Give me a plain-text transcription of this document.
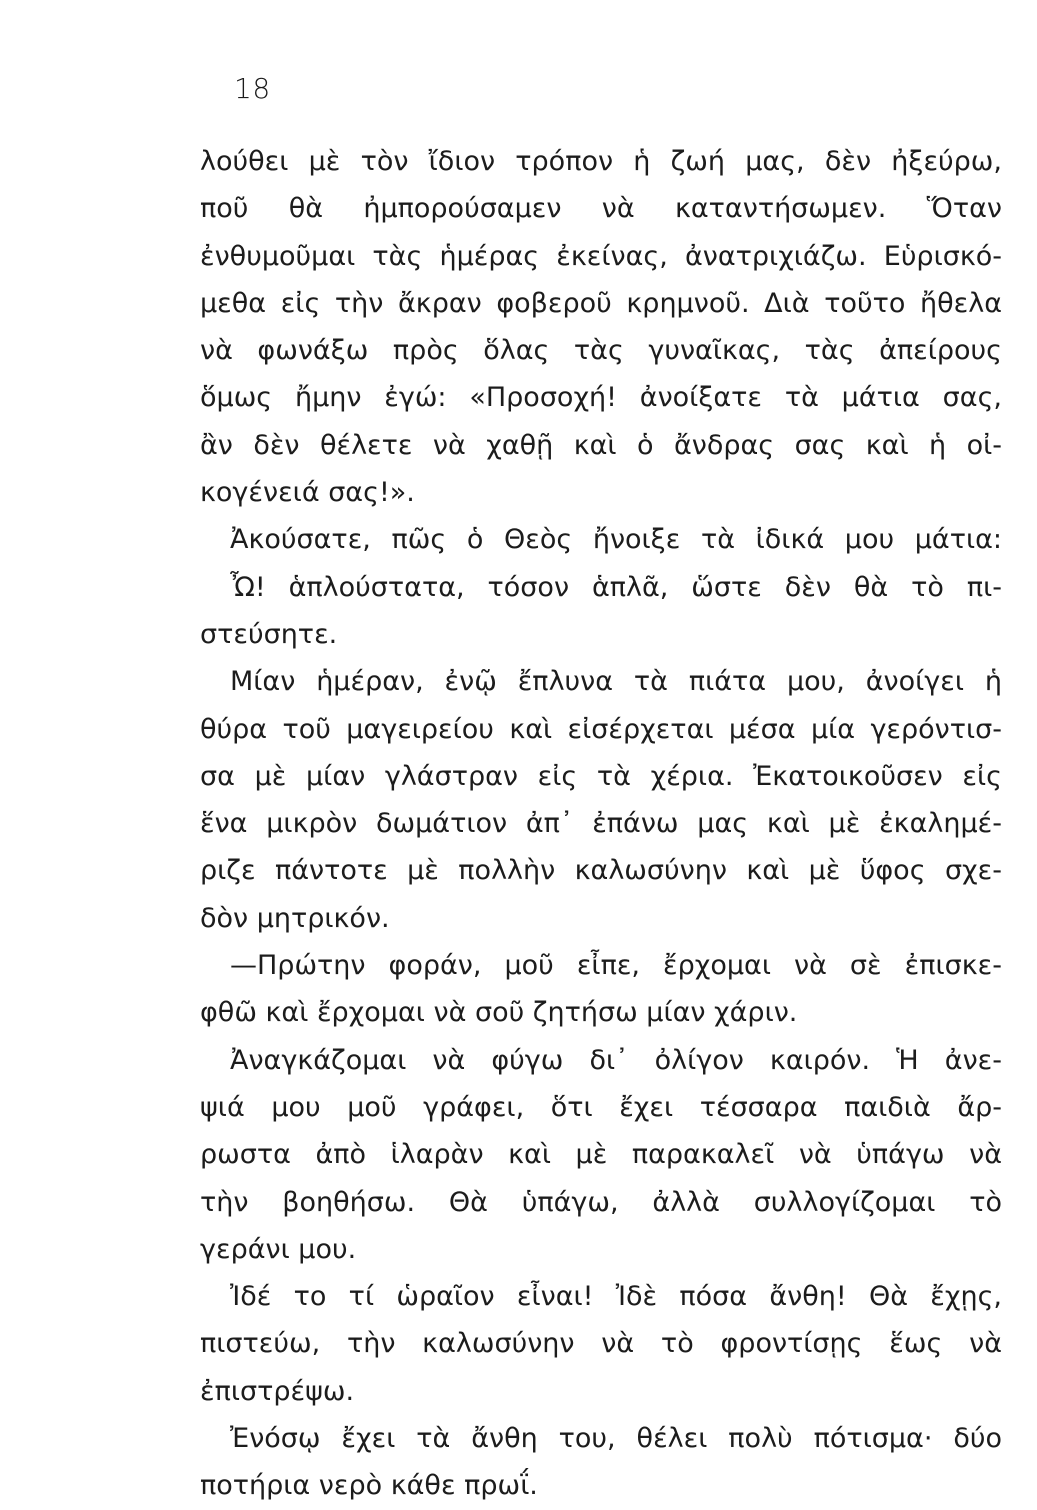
18
λούθει μὲ τὸν ἴδιον τρόπον ἡ ζωή μας, δὲν ἠξεύρω,
ποῦ θὰ ἠμπορούσαμεν νὰ καταντήσωμεν. Ὅταν
ἐνθυμοῦμαι τὰς ἡμέρας ἐκείνας, ἀνατριχιάζω. Εὑρισκό-
μεθα εἰς τὴν ἄκραν φοβεροῦ κρημνοῦ. Διὰ τοῦτο ἤθελα
νὰ φωνάξω πρὸς ὅλας τὰς γυναῖκας, τὰς ἀπείρους
ὅμως ἤμην ἐγώ: «Προσοχή! ἀνοίξατε τὰ μάτια σας,
ἂν δὲν θέλετε νὰ χαθῇ καὶ ὁ ἄνδρας σας καὶ ἡ οἰ-
κογένειά σας!».
Ἀκούσατε, πῶς ὁ Θεὸς ἤνοιξε τὰ ἰδικά μου μάτια:
Ὦ! ἁπλούστατα, τόσον ἁπλᾶ, ὥστε δὲν θὰ τὸ πι-
στεύσητε.
Μίαν ἡμέραν, ἐνῷ ἔπλυνα τὰ πιάτα μου, ἀνοίγει ἡ
θύρα τοῦ μαγειρείου καὶ εἰσέρχεται μέσα μία γερόντισ-
σα μὲ μίαν γλάστραν εἰς τὰ χέρια. Ἐκατοικοῦσεν εἰς
ἕνα μικρὸν δωμάτιον ἀπ᾽ ἐπάνω μας καὶ μὲ ἐκαλημέ-
ριζε πάντοτε μὲ πολλὴν καλωσύνην καὶ μὲ ὕφος σχε-
δὸν μητρικόν.
—Πρώτην φοράν, μοῦ εἶπε, ἔρχομαι νὰ σὲ ἐπισκε-
φθῶ καὶ ἔρχομαι νὰ σοῦ ζητήσω μίαν χάριν.
Ἀναγκάζομαι νὰ φύγω δι᾽ ὀλίγον καιρόν. Ἡ ἀνε-
ψιά μου μοῦ γράφει, ὅτι ἔχει τέσσαρα παιδιὰ ἄρ-
ρωστα ἀπὸ ἱλαρὰν καὶ μὲ παρακαλεῖ νὰ ὑπάγω νὰ
τὴν βοηθήσω. Θὰ ὑπάγω, ἀλλὰ συλλογίζομαι τὸ
γεράνι μου.
Ἰδέ το τί ὡραῖον εἶναι! Ἰδὲ πόσα ἄνθη! Θὰ ἔχῃς,
πιστεύω, τὴν καλωσύνην νὰ τὸ φροντίσῃς ἕως νὰ
ἐπιστρέψω.
Ἐνόσῳ ἔχει τὰ ἄνθη του, θέλει πολὺ πότισμα· δύο
ποτήρια νερὸ κάθε πρωΐ.
